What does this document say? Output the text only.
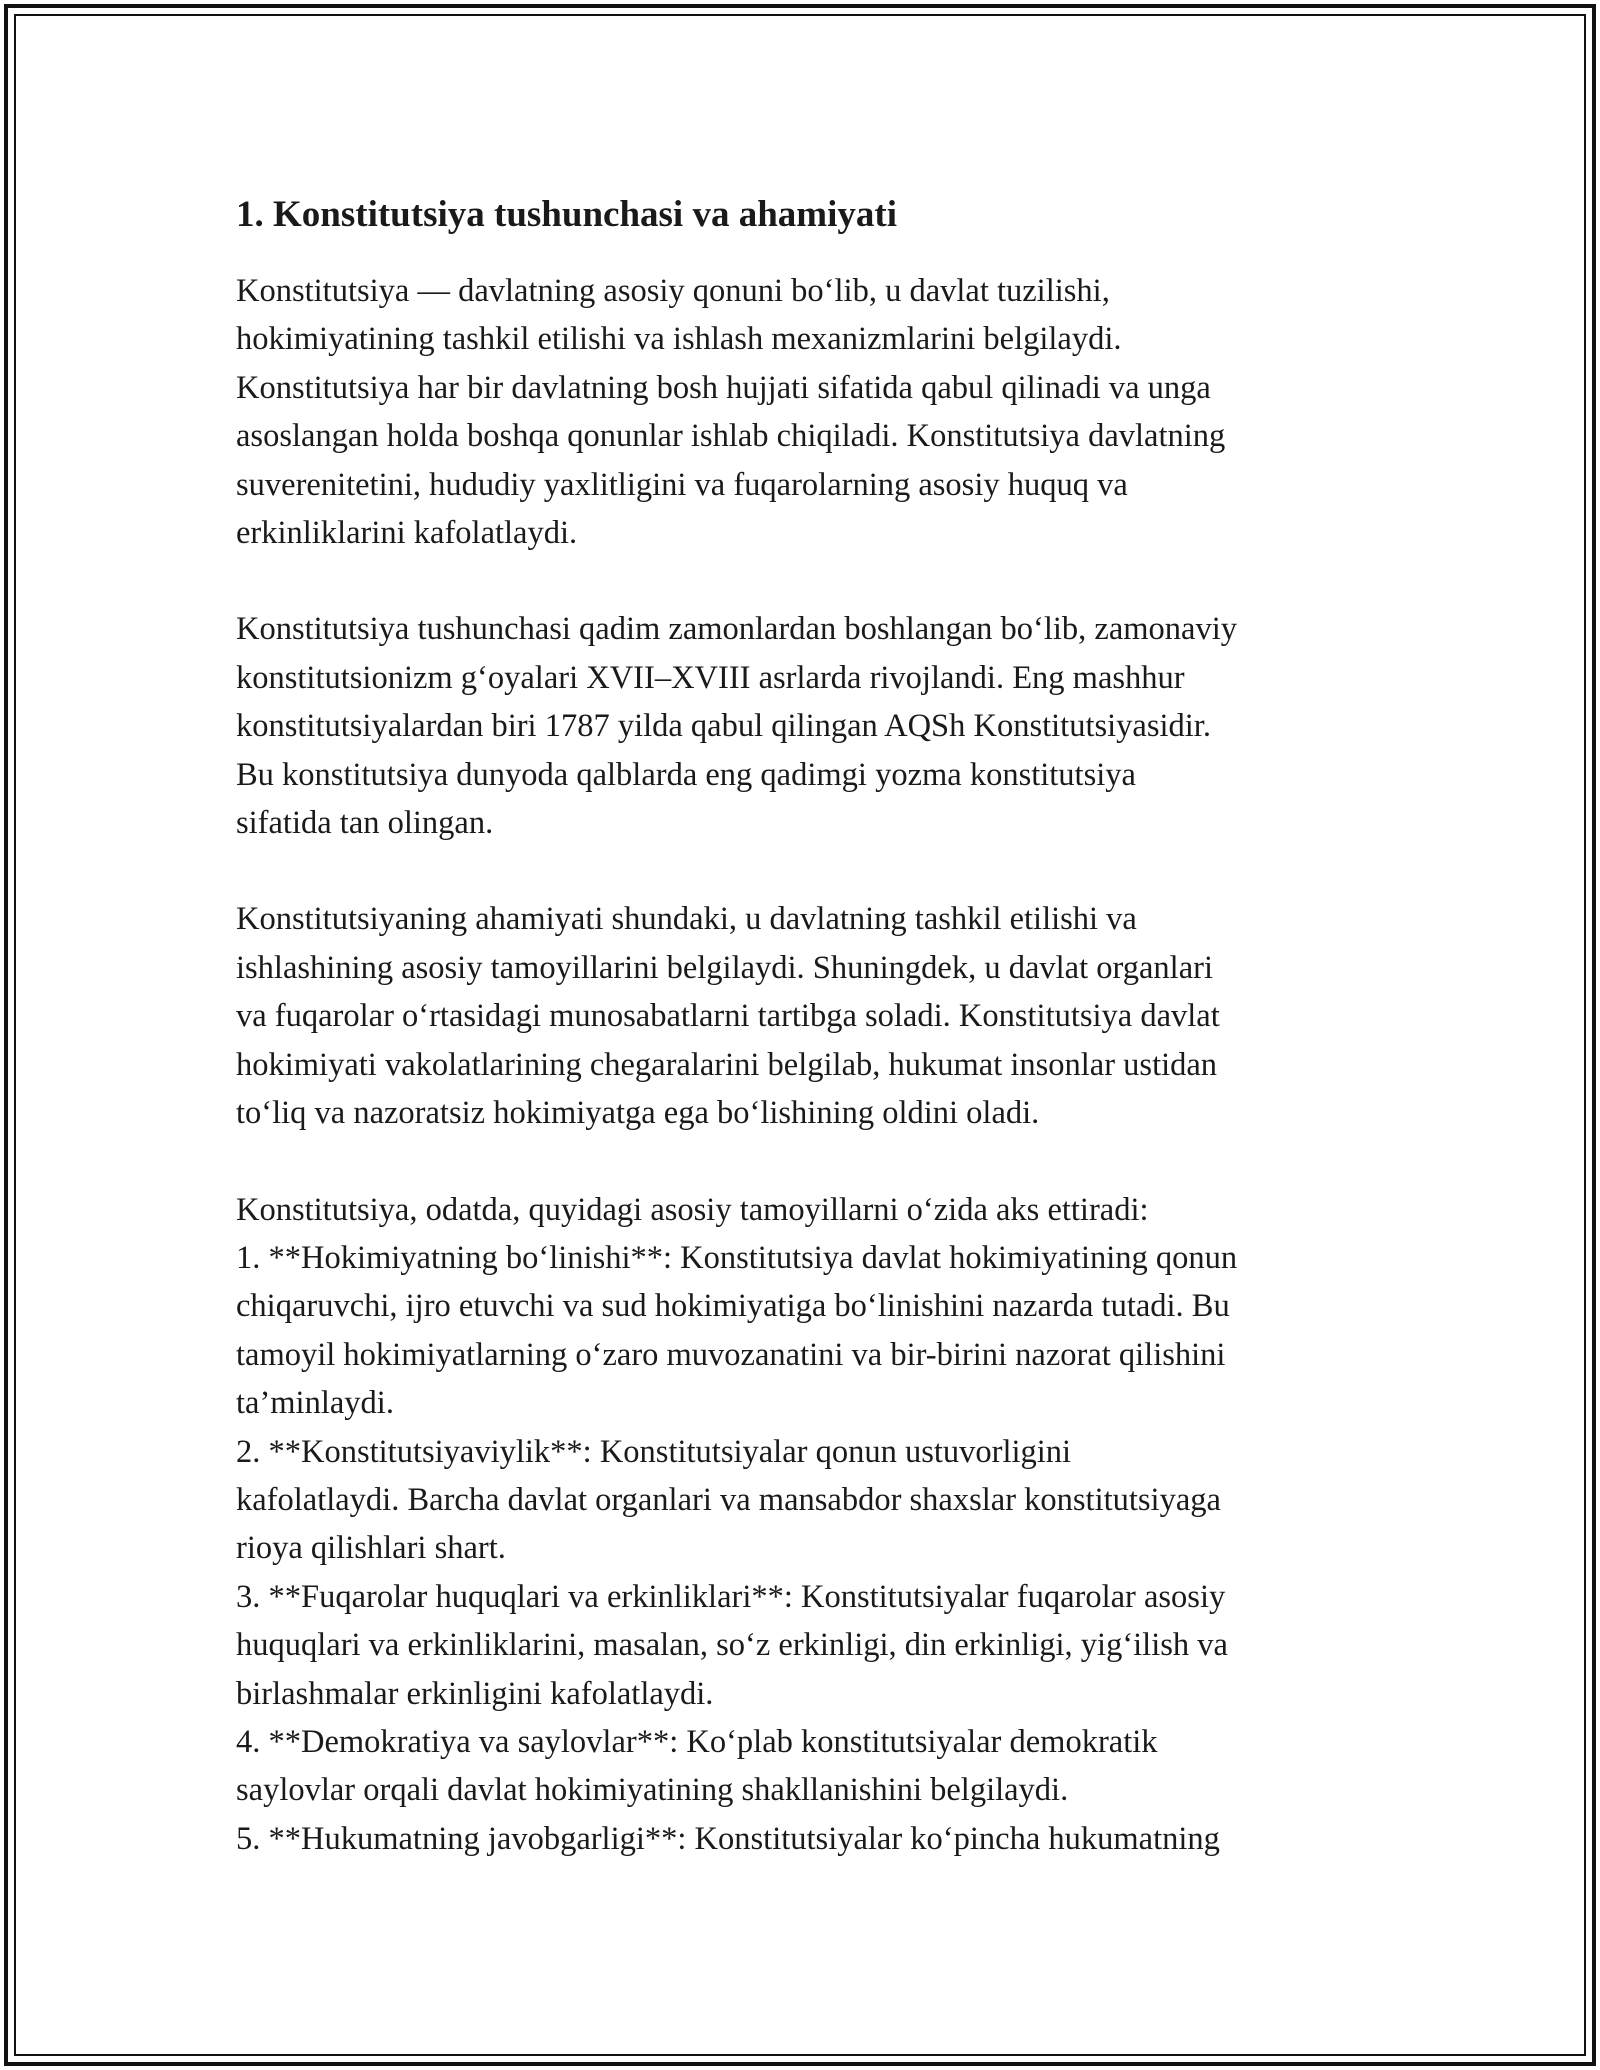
1. Konstitutsiya tushunchasi va ahamiyati

Konstitutsiya — davlatning asosiy qonuni bo‘lib, u davlat tuzilishi,
hokimiyatining tashkil etilishi va ishlash mexanizmlarini belgilaydi.
Konstitutsiya har bir davlatning bosh hujjati sifatida qabul qilinadi va unga
asoslangan holda boshqa qonunlar ishlab chiqiladi. Konstitutsiya davlatning
suverenitetini, hududiy yaxlitligini va fuqarolarning asosiy huquq va
erkinliklarini kafolatlaydi.

Konstitutsiya tushunchasi qadim zamonlardan boshlangan bo‘lib, zamonaviy
konstitutsionizm g‘oyalari XVII–XVIII asrlarda rivojlandi. Eng mashhur
konstitutsiyalardan biri 1787 yilda qabul qilingan AQSh Konstitutsiyasidir.
Bu konstitutsiya dunyoda qalblarda eng qadimgi yozma konstitutsiya
sifatida tan olingan.

Konstitutsiyaning ahamiyati shundaki, u davlatning tashkil etilishi va
ishlashining asosiy tamoyillarini belgilaydi. Shuningdek, u davlat organlari
va fuqarolar o‘rtasidagi munosabatlarni tartibga soladi. Konstitutsiya davlat
hokimiyati vakolatlarining chegaralarini belgilab, hukumat insonlar ustidan
to‘liq va nazoratsiz hokimiyatga ega bo‘lishining oldini oladi.

Konstitutsiya, odatda, quyidagi asosiy tamoyillarni o‘zida aks ettiradi:
1. **Hokimiyatning bo‘linishi**: Konstitutsiya davlat hokimiyatining qonun
chiqaruvchi, ijro etuvchi va sud hokimiyatiga bo‘linishini nazarda tutadi. Bu
tamoyil hokimiyatlarning o‘zaro muvozanatini va bir-birini nazorat qilishini
ta’minlaydi.
2. **Konstitutsiyaviylik**: Konstitutsiyalar qonun ustuvorligini
kafolatlaydi. Barcha davlat organlari va mansabdor shaxslar konstitutsiyaga
rioya qilishlari shart.
3. **Fuqarolar huquqlari va erkinliklari**: Konstitutsiyalar fuqarolar asosiy
huquqlari va erkinliklarini, masalan, so‘z erkinligi, din erkinligi, yig‘ilish va
birlashmalar erkinligini kafolatlaydi.
4. **Demokratiya va saylovlar**: Ko‘plab konstitutsiyalar demokratik
saylovlar orqali davlat hokimiyatining shakllanishini belgilaydi.
5. **Hukumatning javobgarligi**: Konstitutsiyalar ko‘pincha hukumatning
